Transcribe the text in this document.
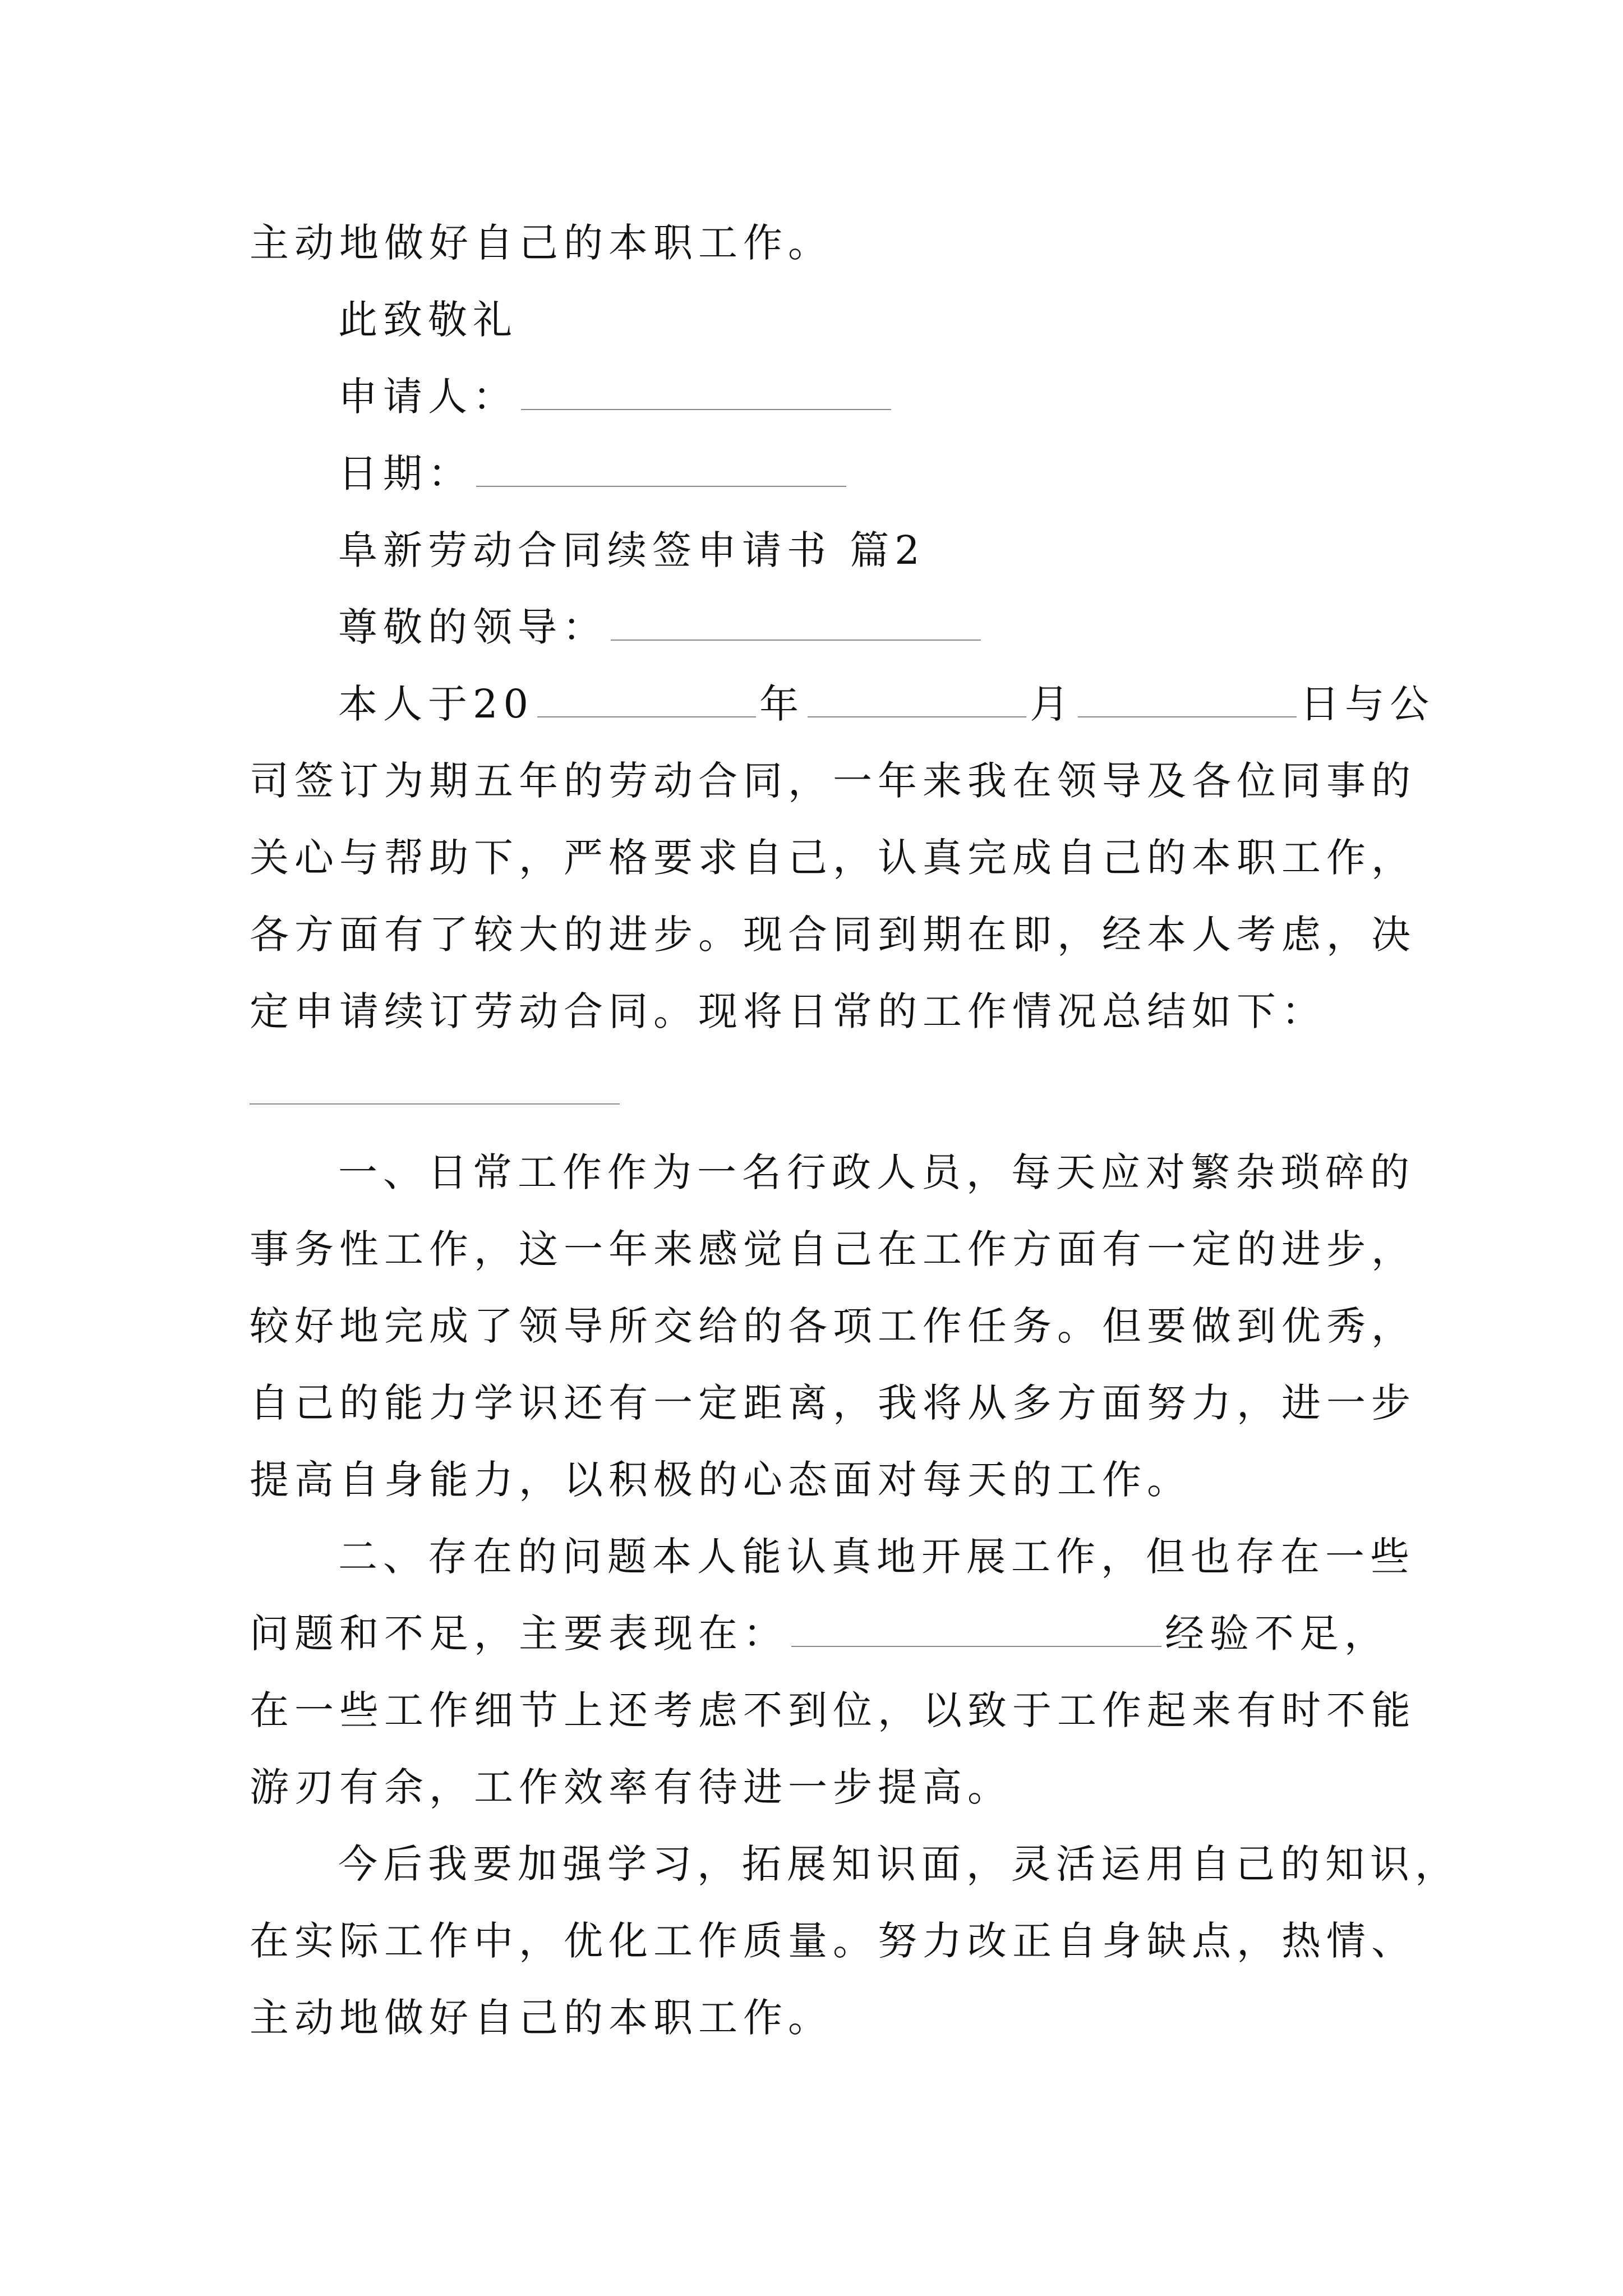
主动地做好自己的本职工作。
此致敬礼
申请人：
日期：
阜新劳动合同续签申请书 篇2
尊敬的领导：
本人于20	年	月	日与公
司签订为期五年的劳动合同，一年来我在领导及各位同事的
关心与帮助下，严格要求自己，认真完成自己的本职工作，
各方面有了较大的进步。现合同到期在即，经本人考虑，决
定申请续订劳动合同。现将日常的工作情况总结如下：
一、日常工作作为一名行政人员，每天应对繁杂琐碎的
事务性工作，这一年来感觉自己在工作方面有一定的进步，
较好地完成了领导所交给的各项工作任务。但要做到优秀，
自己的能力学识还有一定距离，我将从多方面努力，进一步
提高自身能力，以积极的心态面对每天的工作。
二、存在的问题本人能认真地开展工作，但也存在一些
问题和不足，主要表现在：	经验不足，
在一些工作细节上还考虑不到位，以致于工作起来有时不能
游刃有余，工作效率有待进一步提高。
今后我要加强学习，拓展知识面，灵活运用自己的知识，
在实际工作中，优化工作质量。努力改正自身缺点，热情、
主动地做好自己的本职工作。
